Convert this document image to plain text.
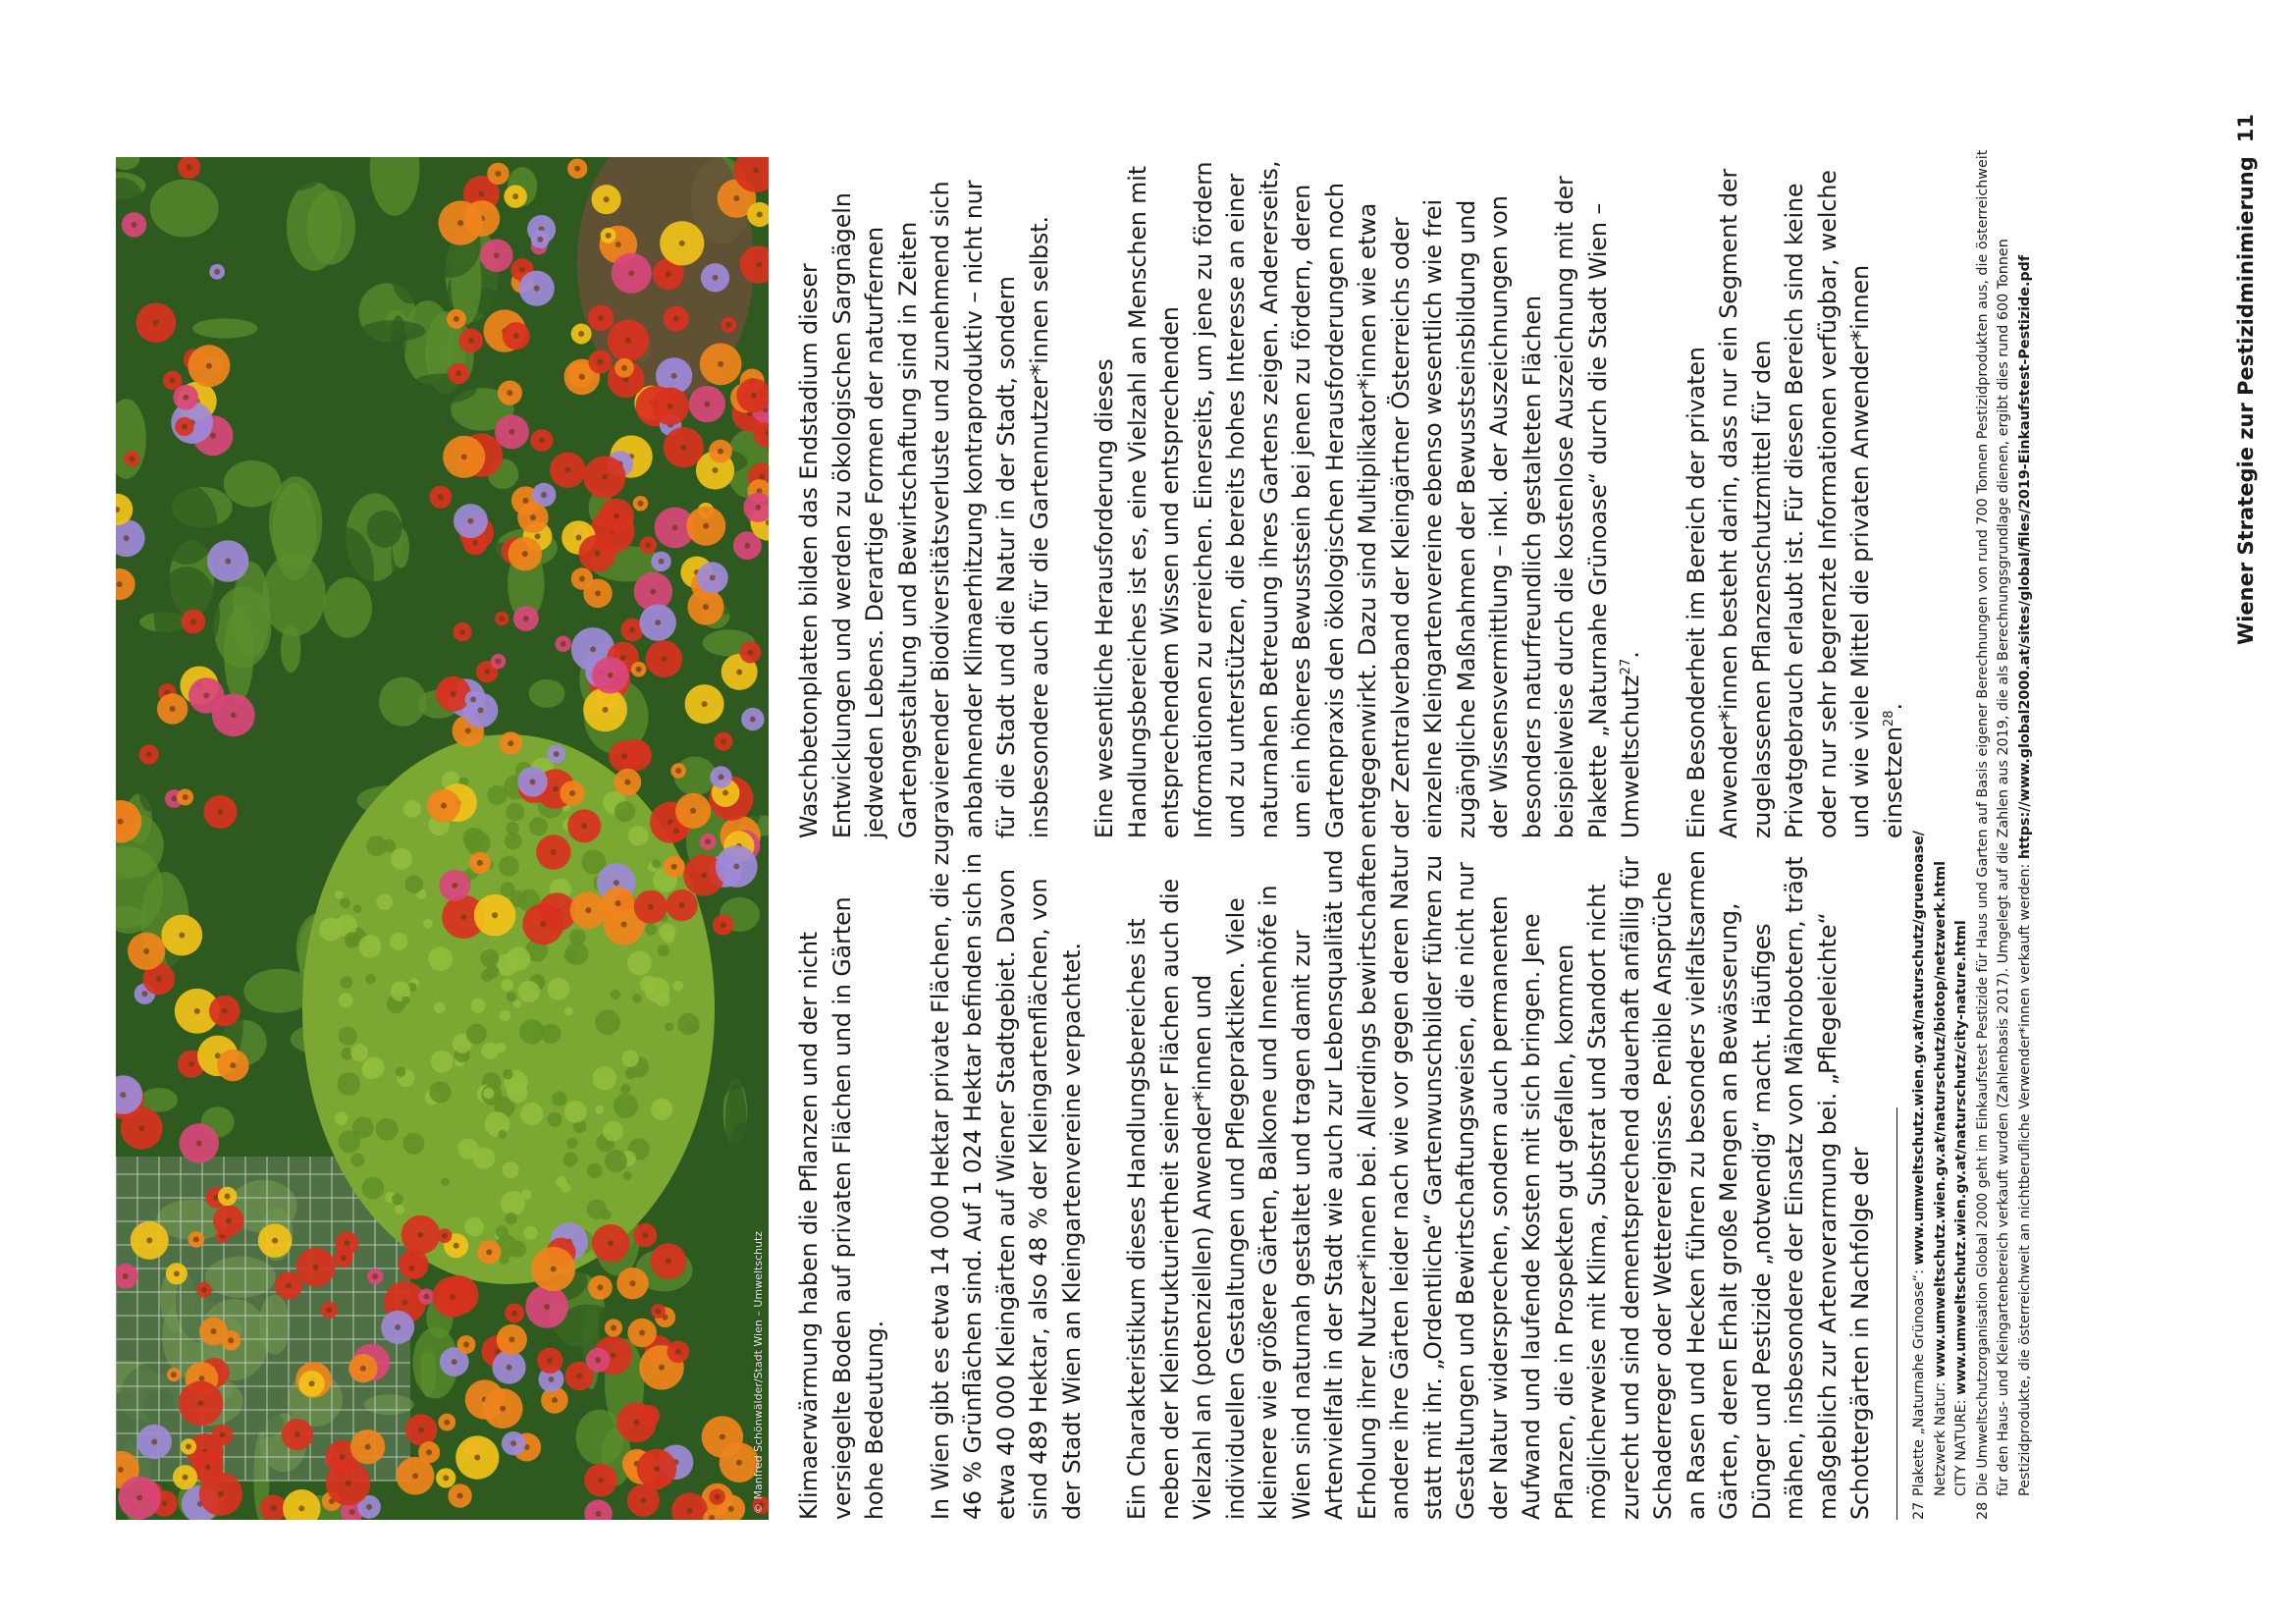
© Manfred Schönwälder/Stadt Wien – Umweltschutz Klimaerwärmung haben die Pflanzen und der nicht versiegelte Boden auf privaten Flächen und in Gärten hohe Bedeutung. In Wien gibt es etwa 14 000 Hektar private Flächen, die zu 46 % Grünflächen sind. Auf 1 024 Hektar befinden sich in etwa 40 000 Kleingärten auf Wiener Stadtgebiet. Davon sind 489 Hektar, also 48 % der Kleingartenflächen, von der Stadt Wien an Kleingartenvereine verpachtet. Ein Charakteristikum dieses Handlungsbereiches ist neben der Kleinstrukturiertheit seiner Flächen auch die Vielzahl an (potenziellen) Anwender*innen und individuellen Gestaltungen und Pflegepraktiken. Viele kleinere wie größere Gärten, Balkone und Innenhöfe in Wien sind naturnah gestaltet und tragen damit zur Artenvielfalt in der Stadt wie auch zur Lebensqualität und Erholung ihrer Nutzer*innen bei. Allerdings bewirtschaften andere ihre Gärten leider nach wie vor gegen deren Natur statt mit ihr. „Ordentliche“ Gartenwunschbilder führen zu Gestaltungen und Bewirtschaftungsweisen, die nicht nur der Natur widersprechen, sondern auch permanenten Aufwand und laufende Kosten mit sich bringen. Jene Pflanzen, die in Prospekten gut gefallen, kommen möglicherweise mit Klima, Substrat und Standort nicht zurecht und sind dementsprechend dauerhaft anfällig für Schaderreger oder Wetterereignisse. Penible Ansprüche an Rasen und Hecken führen zu besonders vielfaltsarmen Gärten, deren Erhalt große Mengen an Bewässerung, Dünger und Pestizide „notwendig“ macht. Häufiges mähen, insbesondere der Einsatz von Mährobotern, trägt maßgeblich zur Artenverarmung bei. „Pflegeleichte“ Schottergärten in Nachfolge der

Waschbetonplatten bilden das Endstadium dieser Entwicklungen und werden zu ökologischen Sargnägeln jedweden Lebens. Derartige Formen der naturfernen Gartengestaltung und Bewirtschaftung sind in Zeiten gravierender Biodiversitätsverluste und zunehmend sich anbahnender Klimaerhitzung kontraproduktiv – nicht nur für die Stadt und die Natur in der Stadt, sondern insbesondere auch für die Gartennutzer*innen selbst. Eine wesentliche Herausforderung dieses Handlungsbereiches ist es, eine Vielzahl an Menschen mit entsprechendem Wissen und entsprechenden Informationen zu erreichen. Einerseits, um jene zu fördern und zu unterstützen, die bereits hohes Interesse an einer naturnahen Betreuung ihres Gartens zeigen. Andererseits, um ein höheres Bewusstsein bei jenen zu fördern, deren Gartenpraxis den ökologischen Herausforderungen noch entgegenwirkt. Dazu sind Multiplikator*innen wie etwa der Zentralverband der Kleingärtner Österreichs oder einzelne Kleingartenvereine ebenso wesentlich wie frei zugängliche Maßnahmen der Bewusstseinsbildung und der Wissensvermittlung – inkl. der Auszeichnungen von besonders naturfreundlich gestalteten Flächen beispielweise durch die kostenlose Auszeichnung mit der Plakette „Naturnahe Grünoase“ durch die Stadt Wien – Umweltschutz$^{27}$. Eine Besonderheit im Bereich der privaten Anwender*innen besteht darin, dass nur ein Segment der zugelassenen Pflanzenschutzmittel für den Privatgebrauch erlaubt ist. Für diesen Bereich sind keine oder nur sehr begrenzte Informationen verfügbar, welche und wie viele Mittel die privaten Anwender*innen einsetzen$^{28}$.

27
Plakette „Naturnahe Grünoase“: www.umweltschutz.wien.gv.at/naturschutz/gruenoase/
Netzwerk Natur: www.umweltschutz.wien.gv.at/naturschutz/biotop/netzwerk.html
CITY NATURE: www.umweltschutz.wien.gv.at/naturschutz/city-nature.html
28
Die Umweltschutzorganisation Global 2000 geht im Einkaufstest Pestizide für Haus und Garten auf Basis eigener Berechnungen von rund 700 Tonnen Pestizidprodukten aus, die österreichweit für den Haus- und Kleingartenbereich verkauft wurden (Zahlenbasis 2017). Umgelegt auf die Zahlen aus 2019, die als Berechnungsgrundlage dienen, ergibt dies rund 600 Tonnen Pestizidprodukte, die österreichweit an nichtberufliche Verwender*innen verkauft werden: https://www.global2000.at/sites/global/files/2019-Einkaufstest-Pestizide.pdf	Wiener Strategie zur Pestizidminimierung11
